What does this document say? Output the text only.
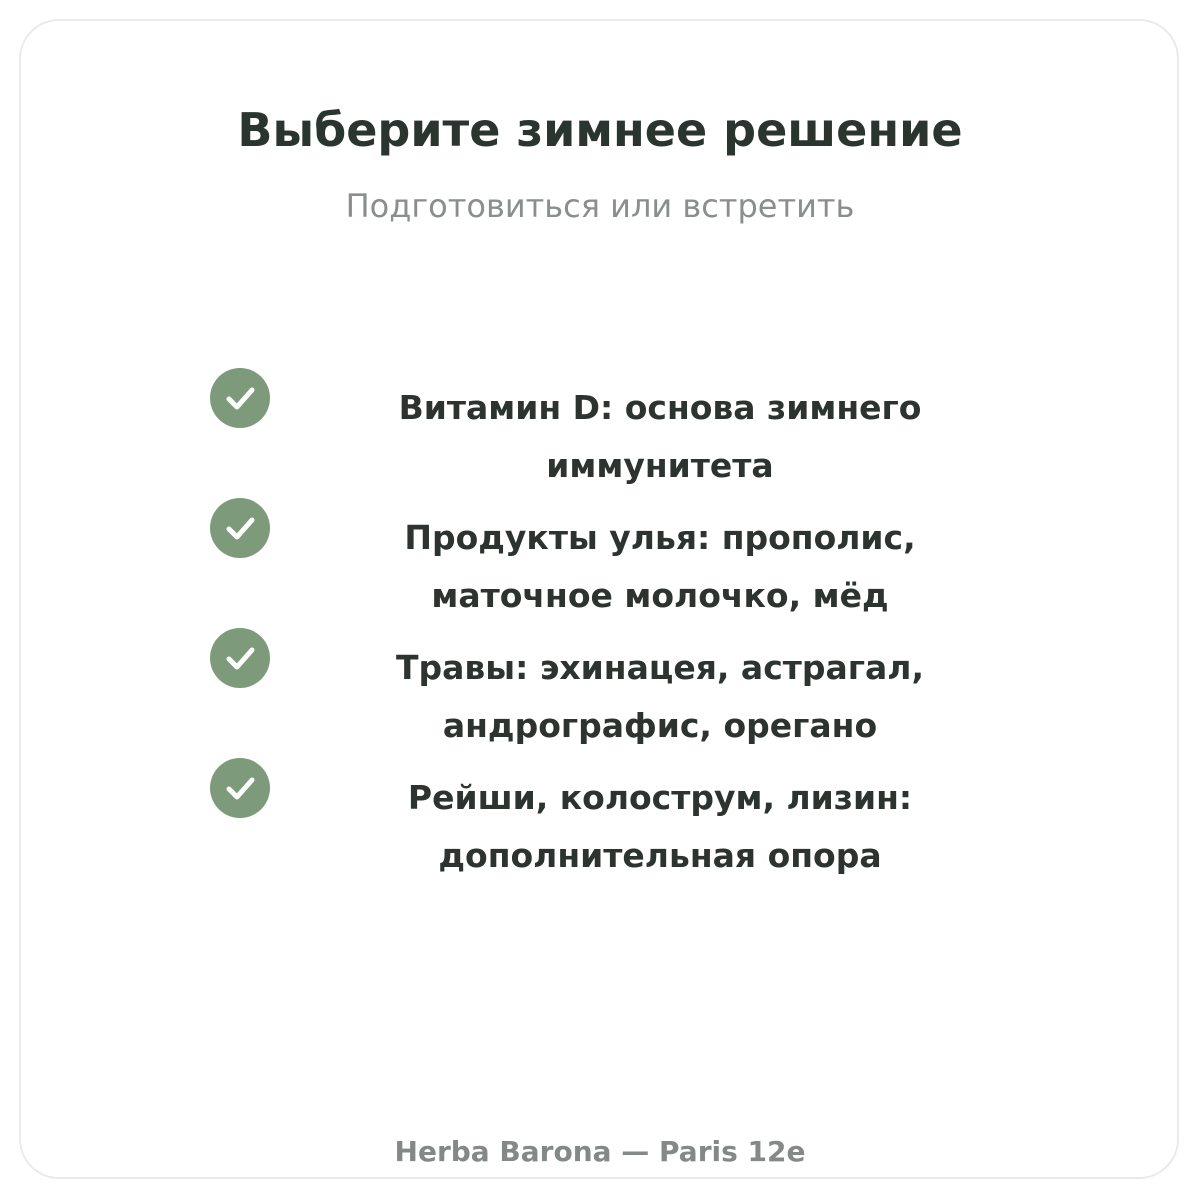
Выберите зимнее решение
Подготовиться или встретить
Витамин D: основа зимнего иммунитета
Продукты улья: прополис, маточное молочко, мёд
Травы: эхинацея, астрагал, андрографис, орегано
Рейши, колострум, лизин: дополнительная опора
Herba Barona — Paris 12e
